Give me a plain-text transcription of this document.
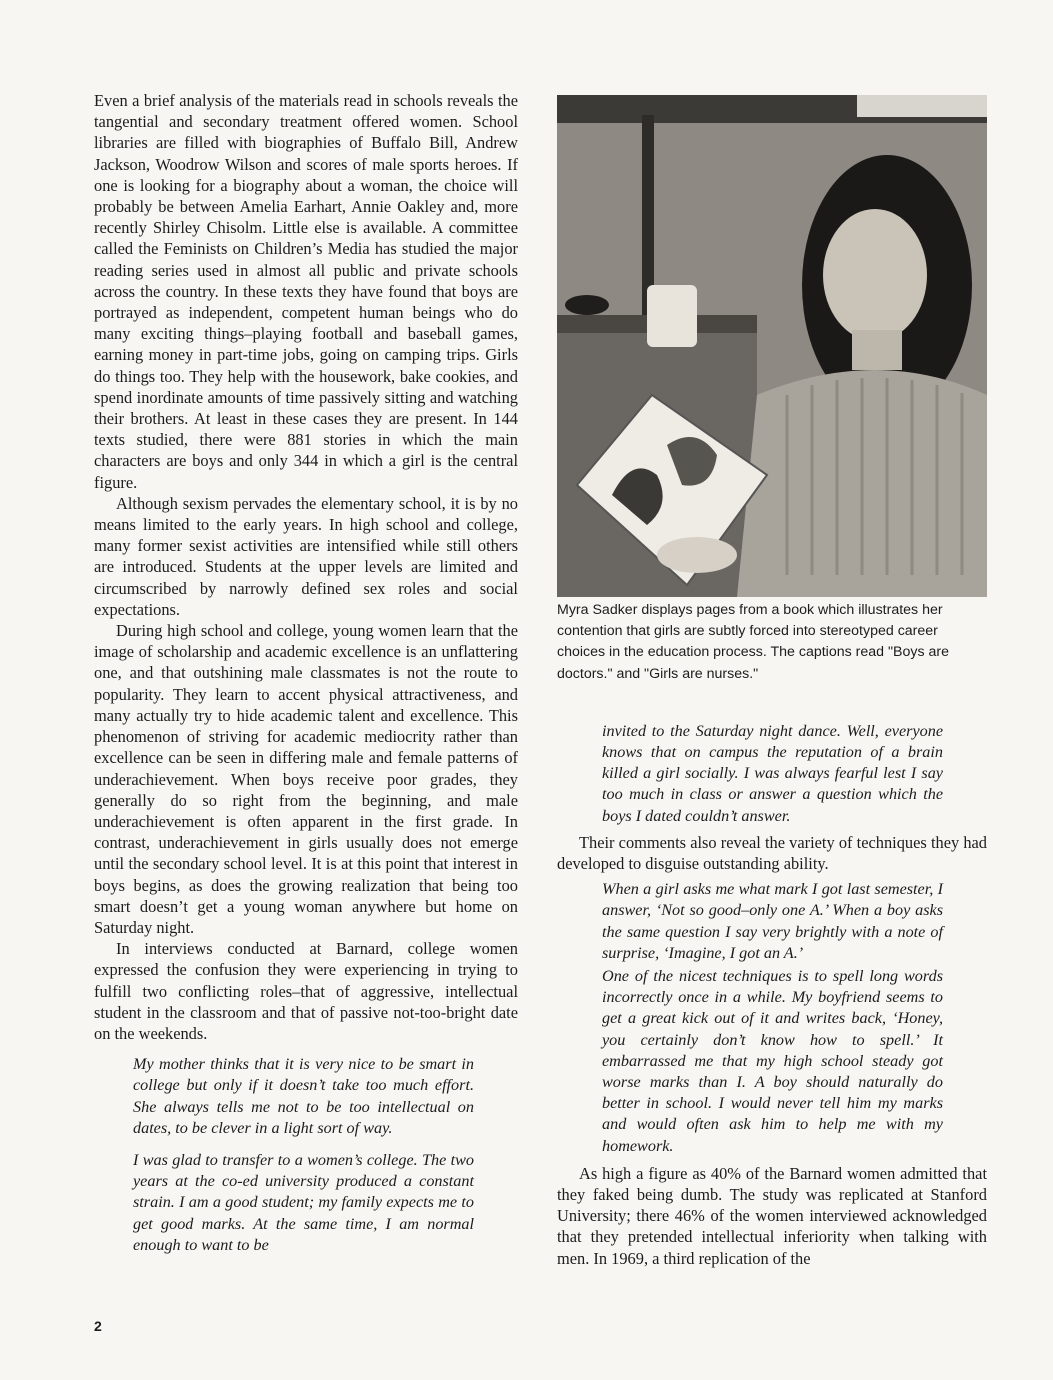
Even a brief analysis of the materials read in schools reveals the tangential and secondary treatment offered women. School libraries are filled with biographies of Buffalo Bill, Andrew Jackson, Woodrow Wilson and scores of male sports heroes. If one is looking for a biography about a woman, the choice will probably be between Amelia Earhart, Annie Oakley and, more recently Shirley Chisolm. Little else is available. A committee called the Feminists on Children’s Media has studied the major reading series used in almost all public and private schools across the country. In these texts they have found that boys are portrayed as independent, competent human beings who do many exciting things–playing football and baseball games, earning money in part-time jobs, going on camping trips. Girls do things too. They help with the housework, bake cookies, and spend inordinate amounts of time passively sitting and watching their brothers. At least in these cases they are present. In 144 texts studied, there were 881 stories in which the main characters are boys and only 344 in which a girl is the central figure.

Although sexism pervades the elementary school, it is by no means limited to the early years. In high school and college, many former sexist activities are intensified while still others are introduced. Students at the upper levels are limited and circumscribed by narrowly defined sex roles and social expectations.

During high school and college, young women learn that the image of scholarship and academic excellence is an unflattering one, and that outshining male classmates is not the route to popularity. They learn to accent physical attractiveness, and many actually try to hide academic talent and excellence. This phenomenon of striving for academic mediocrity rather than excellence can be seen in differing male and female patterns of underachievement. When boys receive poor grades, they generally do so right from the beginning, and male underachievement is often apparent in the first grade. In contrast, underachievement in girls usually does not emerge until the secondary school level. It is at this point that interest in boys begins, as does the growing realization that being too smart doesn’t get a young woman anywhere but home on Saturday night.

In interviews conducted at Barnard, college women expressed the confusion they were experiencing in trying to fulfill two conflicting roles–that of aggressive, intellectual student in the classroom and that of passive not-too-bright date on the weekends.

My mother thinks that it is very nice to be smart in college but only if it doesn’t take too much effort. She always tells me not to be too intellectual on dates, to be clever in a light sort of way.
I was glad to transfer to a women’s college. The two years at the co-ed university produced a constant strain. I am a good student; my family expects me to get good marks. At the same time, I am normal enough to want to be

Myra Sadker displays pages from a book which illustrates her contention that girls are subtly forced into stereotyped career choices in the education process. The captions read "Boys are doctors." and "Girls are nurses."

invited to the Saturday night dance. Well, everyone knows that on campus the reputation of a brain killed a girl socially. I was always fearful lest I say too much in class or answer a question which the boys I dated couldn’t answer.

Their comments also reveal the variety of techniques they had developed to disguise outstanding ability.

When a girl asks me what mark I got last semester, I answer, ‘Not so good–only one A.’ When a boy asks the same question I say very brightly with a note of surprise, ‘Imagine, I got an A.’
One of the nicest techniques is to spell long words incorrectly once in a while. My boyfriend seems to get a great kick out of it and writes back, ‘Honey, you certainly don’t know how to spell.’ It embarrassed me that my high school steady got worse marks than I. A boy should naturally do better in school. I would never tell him my marks and would often ask him to help me with my homework.

As high a figure as 40% of the Barnard women admitted that they faked being dumb. The study was replicated at Stanford University; there 46% of the women interviewed acknowledged that they pretended intellectual inferiority when talking with men. In 1969, a third replication of the

2
